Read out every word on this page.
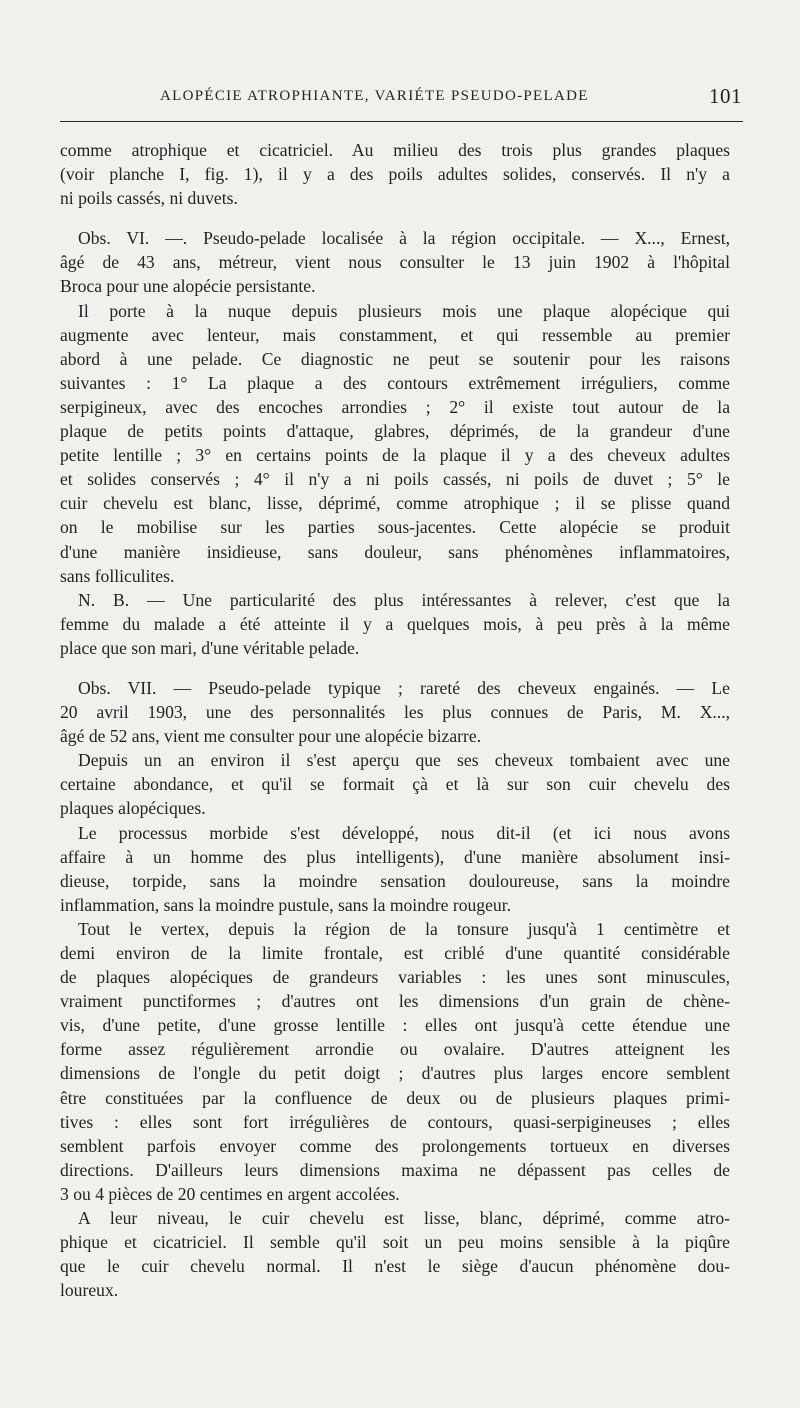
ALOPÉCIE ATROPHIANTE, VARIÉTE PSEUDO-PELADE	101
comme atrophique et cicatriciel. Au milieu des trois plus grandes plaques
(voir planche I, fig. 1), il y a des poils adultes solides, conservés. Il n'y a
ni poils cassés, ni duvets.
Obs. VI. —. Pseudo-pelade localisée à la région occipitale. — X..., Ernest,
âgé de 43 ans, métreur, vient nous consulter le 13 juin 1902 à l'hôpital
Broca pour une alopécie persistante.
Il porte à la nuque depuis plusieurs mois une plaque alopécique qui
augmente avec lenteur, mais constamment, et qui ressemble au premier
abord à une pelade. Ce diagnostic ne peut se soutenir pour les raisons
suivantes : 1° La plaque a des contours extrêmement irréguliers, comme
serpigineux, avec des encoches arrondies ; 2° il existe tout autour de la
plaque de petits points d'attaque, glabres, déprimés, de la grandeur d'une
petite lentille ; 3° en certains points de la plaque il y a des cheveux adultes
et solides conservés ; 4° il n'y a ni poils cassés, ni poils de duvet ; 5° le
cuir chevelu est blanc, lisse, déprimé, comme atrophique ; il se plisse quand
on le mobilise sur les parties sous-jacentes. Cette alopécie se produit
d'une manière insidieuse, sans douleur, sans phénomènes inflammatoires,
sans folliculites.
N. B. — Une particularité des plus intéressantes à relever, c'est que la
femme du malade a été atteinte il y a quelques mois, à peu près à la même
place que son mari, d'une véritable pelade.
Obs. VII. — Pseudo-pelade typique ; rareté des cheveux engainés. — Le
20 avril 1903, une des personnalités les plus connues de Paris, M. X...,
âgé de 52 ans, vient me consulter pour une alopécie bizarre.
Depuis un an environ il s'est aperçu que ses cheveux tombaient avec une
certaine abondance, et qu'il se formait çà et là sur son cuir chevelu des
plaques alopéciques.
Le processus morbide s'est développé, nous dit-il (et ici nous avons
affaire à un homme des plus intelligents), d'une manière absolument insi-
dieuse, torpide, sans la moindre sensation douloureuse, sans la moindre
inflammation, sans la moindre pustule, sans la moindre rougeur.
Tout le vertex, depuis la région de la tonsure jusqu'à 1 centimètre et
demi environ de la limite frontale, est criblé d'une quantité considérable
de plaques alopéciques de grandeurs variables : les unes sont minuscules,
vraiment punctiformes ; d'autres ont les dimensions d'un grain de chène-
vis, d'une petite, d'une grosse lentille : elles ont jusqu'à cette étendue une
forme assez régulièrement arrondie ou ovalaire. D'autres atteignent les
dimensions de l'ongle du petit doigt ; d'autres plus larges encore semblent
être constituées par la confluence de deux ou de plusieurs plaques primi-
tives : elles sont fort irrégulières de contours, quasi-serpigineuses ; elles
semblent parfois envoyer comme des prolongements tortueux en diverses
directions. D'ailleurs leurs dimensions maxima ne dépassent pas celles de
3 ou 4 pièces de 20 centimes en argent accolées.
A leur niveau, le cuir chevelu est lisse, blanc, déprimé, comme atro-
phique et cicatriciel. Il semble qu'il soit un peu moins sensible à la piqûre
que le cuir chevelu normal. Il n'est le siège d'aucun phénomène dou-
loureux.
